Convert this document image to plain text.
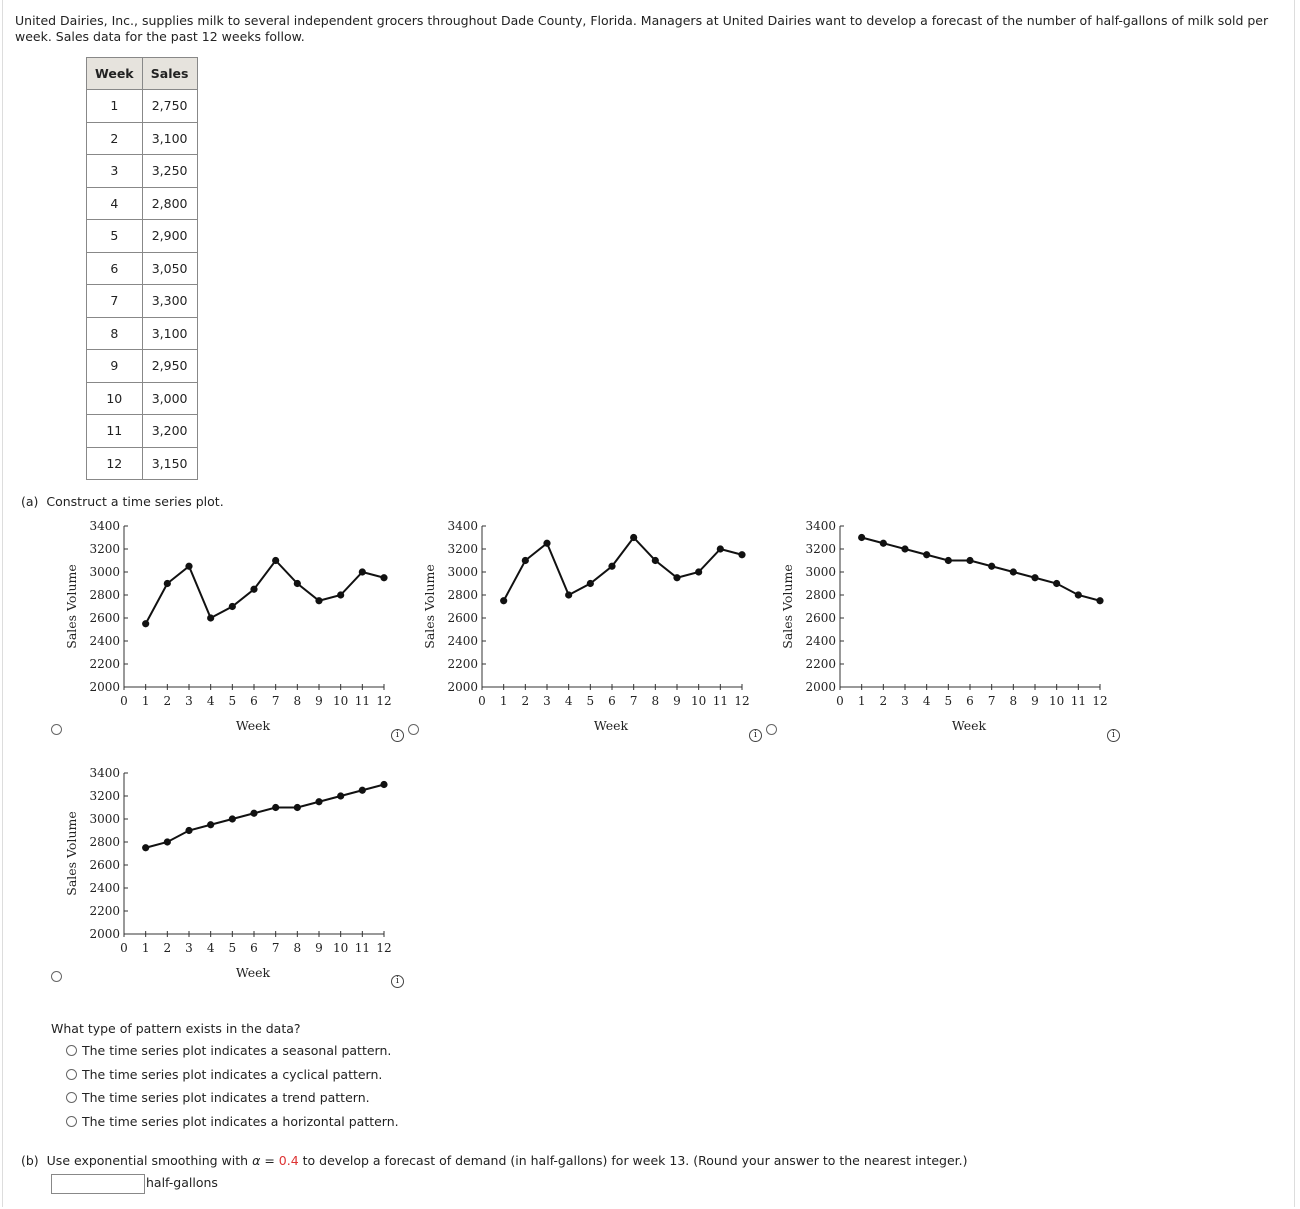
United Dairies, Inc., supplies milk to several independent grocers throughout Dade County, Florida. Managers at United Dairies want to develop a forecast of the number of half-gallons of milk sold per week. Sales data for the past 12 weeks follow.
Week	Sales
1	2,750
2	3,100
3	3,250
4	2,800
5	2,900
6	3,050
7	3,300
8	3,100
9	2,950
10	3,000
11	3,200
12	3,150
(a) Construct a time series plot.
i	i	i
i
Sales Volume
2000
2200
2400
2600
2800
3000
3200
3400
0 1 2 3 4 5 6 7 8 9 10 11 12
Week
Sales Volume
2000
2200
2400
2600
2800
3000
3200
3400
0 1 2 3 4 5 6 7 8 9 10 11 12
Week
Sales Volume
2000
2200
2400
2600
2800
3000
3200
3400
0 1 2 3 4 5 6 7 8 9 10 11 12
Week
Sales Volume
2000
2200
2400
2600
2800
3000
3200
3400
0 1 2 3 4 5 6 7 8 9 10 11 12
Week
What type of pattern exists in the data?
The time series plot indicates a seasonal pattern.
The time series plot indicates a cyclical pattern.
The time series plot indicates a trend pattern.
The time series plot indicates a horizontal pattern.
(b) Use exponential smoothing with α = 0.4 to develop a forecast of demand (in half-gallons) for week 13. (Round your answer to the nearest integer.)
half-gallons
